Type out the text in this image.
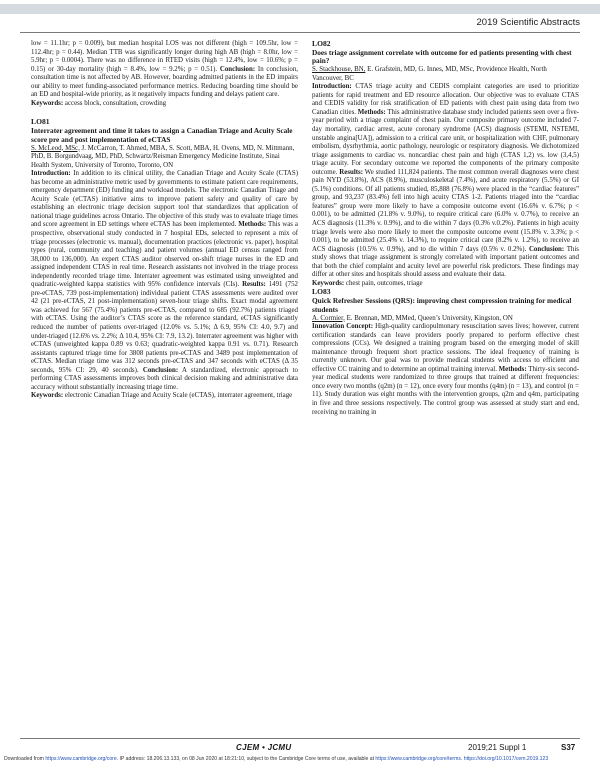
2019 Scientific Abstracts

low = 11.1hr; p = 0.009), but median hospital LOS was not different (high = 109.5hr, low = 112.4hr; p = 0.44). Median TTB was significantly longer during high AB (high = 8.0hr, low = 5.9hr; p = 0.0004). There was no difference in RTED visits (high = 12.4%, low = 10.6%; p = 0.15) or 30-day mortality (high = 8.4%, low = 9.2%; p = 0.51). Conclusion: In conclusion, consultation time is not affected by AB. However, boarding admitted patients in the ED impairs our ability to meet funding-associated performance metrics. Reducing boarding time should be an ED and hospital-wide priority, as it negatively impacts funding and delays patient care.

Keywords: access block, consultation, crowding

LO81

Interrater agreement and time it takes to assign a Canadian Triage and Acuity Scale score pre and post implementation of eCTAS

S. McLeod, MSc, J. McCarron, T. Ahmed, MBA, S. Scott, MBA, H. Ovens, MD, N. Mittmann, PhD, B. Borgundvaag, MD, PhD, Schwartz/Reisman Emergency Medicine Institute, Sinai Health System, University of Toronto, Toronto, ON

Introduction: In addition to its clinical utility, the Canadian Triage and Acuity Scale (CTAS) has become an administrative metric used by governments to estimate patient care requirements, emergency department (ED) funding and workload models. The electronic Canadian Triage and Acuity Scale (eCTAS) initiative aims to improve patient safety and quality of care by establishing an electronic triage decision support tool that standardizes that application of national triage guidelines across Ontario. The objective of this study was to evaluate triage times and score agreement in ED settings where eCTAS has been implemented. Methods: This was a prospective, observational study conducted in 7 hospital EDs, selected to represent a mix of triage processes (electronic vs. manual), documentation practices (electronic vs. paper), hospital types (rural, community and teaching) and patient volumes (annual ED census ranged from 38,000 to 136,000). An expert CTAS auditor observed on-shift triage nurses in the ED and assigned independent CTAS in real time. Research assistants not involved in the triage process independently recorded triage time. Interrater agreement was estimated using unweighted and quadratic-weighted kappa statistics with 95% confidence intervals (CIs). Results: 1491 (752 pre-eCTAS, 739 post-implementation) individual patient CTAS assessments were audited over 42 (21 pre-eCTAS, 21 post-implementation) seven-hour triage shifts. Exact modal agreement was achieved for 567 (75.4%) patients pre-eCTAS, compared to 685 (92.7%) patients triaged with eCTAS. Using the auditor’s CTAS score as the reference standard, eCTAS significantly reduced the number of patients over-triaged (12.0% vs. 5.1%; Δ 6.9, 95% CI: 4.0, 9.7) and under-triaged (12.6% vs. 2.2%; Δ 10.4, 95% CI: 7.9, 13.2). Interrater agreement was higher with eCTAS (unweighted kappa 0.89 vs 0.63; quadratic-weighted kappa 0.91 vs. 0.71). Research assistants captured triage time for 3808 patients pre-eCTAS and 3489 post implementation of eCTAS. Median triage time was 312 seconds pre-eCTAS and 347 seconds with eCTAS (Δ 35 seconds, 95% CI: 29, 40 seconds). Conclusion: A standardized, electronic approach to performing CTAS assessments improves both clinical decision making and administrative data accuracy without substantially increasing triage time.

Keywords: electronic Canadian Triage and Acuity Scale (eCTAS), interrater agreement, triage

LO82

Does triage assignment correlate with outcome for ed patients presenting with chest pain?

S. Stackhouse, BN, E. Grafstein, MD, G. Innes, MD, MSc, Providence Health, North Vancouver, BC

Introduction: CTAS triage acuity and CEDIS complaint categories are used to prioritize patients for rapid treatment and ED resource allocation. Our objective was to evaluate CTAS and CEDIS validity for risk stratification of ED patients with chest pain using data from two Canadian cities. Methods: This administrative database study included patients seen over a five-year period with a triage complaint of chest pain. Our composite primary outcome included 7-day mortality, cardiac arrest, acute coronary syndrome (ACS) diagnosis (STEMI, NSTEMI, unstable angina[UA]), admission to a critical care unit, or hospitalization with CHF, pulmonary embolism, dysrhythmia, aortic pathology, neurologic or respiratory diagnosis. We dichotomized triage assignments to cardiac vs. noncardiac chest pain and high (CTAS 1,2) vs. low (3,4,5) triage acuity. For secondary outcome we reported the components of the primary composite outcome. Results: We studied 111,824 patients. The most common overall diagnoses were chest pain NYD (53.8%), ACS (8.9%), musculoskeletal (7.4%), and acute respiratory (5.5%) or GI (5.1%) conditions. Of all patients studied, 85,888 (76.8%) were placed in the “cardiac features” group, and 93,237 (83.4%) fell into high acuity CTAS 1-2. Patients triaged into the “cardiac features” group were more likely to have a composite outcome event (16.6% v. 6.7%; p < 0.001), to be admitted (21.8% v. 9.0%), to require critical care (6.0% v. 0.7%), to receive an ACS diagnosis (11.3% v. 0.9%), and to die within 7 days (0.3% v.0.2%). Patients in high acuity triage levels were also more likely to meet the composite outcome event (15.8% v. 3.3%; p < 0.001), to be admitted (25.4% v. 14.3%), to require critical care (8.2% v. 1.2%), to receive an ACS diagnosis (10.5% v. 0.9%), and to die within 7 days (0.5% v. 0.2%). Conclusion: This study shows that triage assignment is strongly correlated with important patient outcomes and that both the chief complaint and acuity level are powerful risk predictors. These findings may differ at other sites and hospitals should assess and evaluate their data.

Keywords: chest pain, outcomes, triage

LO83

Quick Refresher Sessions (QRS): improving chest compression training for medical students

A. Cormier, E. Brennan, MD, MMed, Queen’s University, Kingston, ON

Innovation Concept: High-quality cardiopulmonary resuscitation saves lives; however, current certification standards can leave providers poorly prepared to perform effective chest compressions (CCs). We designed a training program based on the emerging model of skill maintenance through frequent short practice sessions. The ideal frequency of training is currently unknown. Our goal was to provide medical students with access to efficient and effective CC training and to determine an optimal training interval. Methods: Thirty-six second-year medical students were randomized to three groups that trained at different frequencies: once every two months (q2m) (n = 12), once every four months (q4m) (n = 13), and control (n = 11). Study duration was eight months with the intervention groups, q2m and q4m, participating in five and three sessions respectively. The control group was assessed at study start and end, receiving no training in

CJEM • JCMU	2019;21 Suppl 1	S37
Downloaded from https://www.cambridge.org/core. IP address: 18.206.13.133, on 08 Jun 2020 at 18:21:10, subject to the Cambridge Core terms of use, available at https://www.cambridge.org/core/terms. https://doi.org/10.1017/cem.2019.123
